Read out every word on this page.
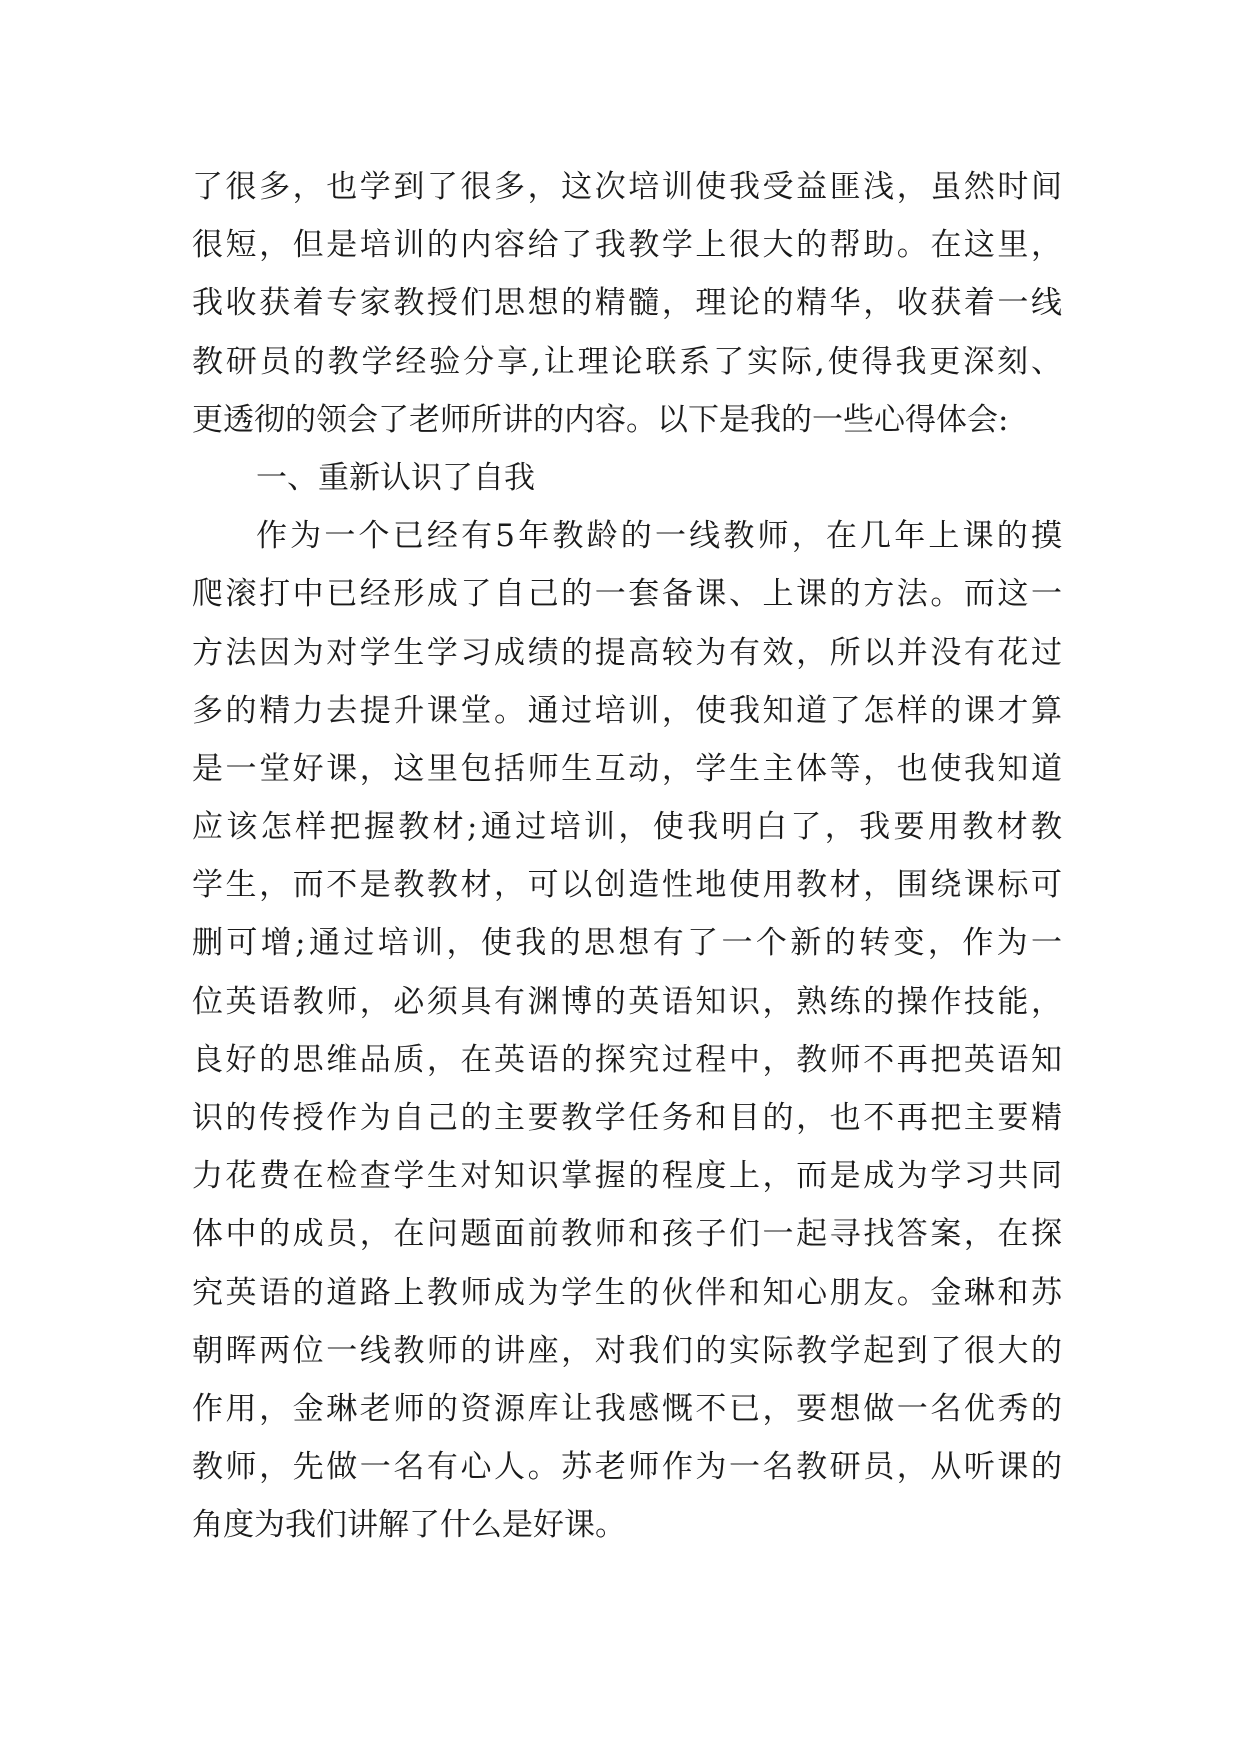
了很多，也学到了很多，这次培训使我受益匪浅，虽然时间
很短，但是培训的内容给了我教学上很大的帮助。在这里，
我收获着专家教授们思想的精髓，理论的精华，收获着一线
教研员的教学经验分享,让理论联系了实际,使得我更深刻、
更透彻的领会了老师所讲的内容。以下是我的一些心得体会:
一、重新认识了自我
作为一个已经有5年教龄的一线教师，在几年上课的摸
爬滚打中已经形成了自己的一套备课、上课的方法。而这一
方法因为对学生学习成绩的提高较为有效，所以并没有花过
多的精力去提升课堂。通过培训，使我知道了怎样的课才算
是一堂好课，这里包括师生互动，学生主体等，也使我知道
应该怎样把握教材;通过培训，使我明白了，我要用教材教
学生，而不是教教材，可以创造性地使用教材，围绕课标可
删可增;通过培训，使我的思想有了一个新的转变，作为一
位英语教师，必须具有渊博的英语知识，熟练的操作技能，
良好的思维品质，在英语的探究过程中，教师不再把英语知
识的传授作为自己的主要教学任务和目的，也不再把主要精
力花费在检查学生对知识掌握的程度上，而是成为学习共同
体中的成员，在问题面前教师和孩子们一起寻找答案，在探
究英语的道路上教师成为学生的伙伴和知心朋友。金琳和苏
朝晖两位一线教师的讲座，对我们的实际教学起到了很大的
作用，金琳老师的资源库让我感慨不已，要想做一名优秀的
教师，先做一名有心人。苏老师作为一名教研员，从听课的
角度为我们讲解了什么是好课。
